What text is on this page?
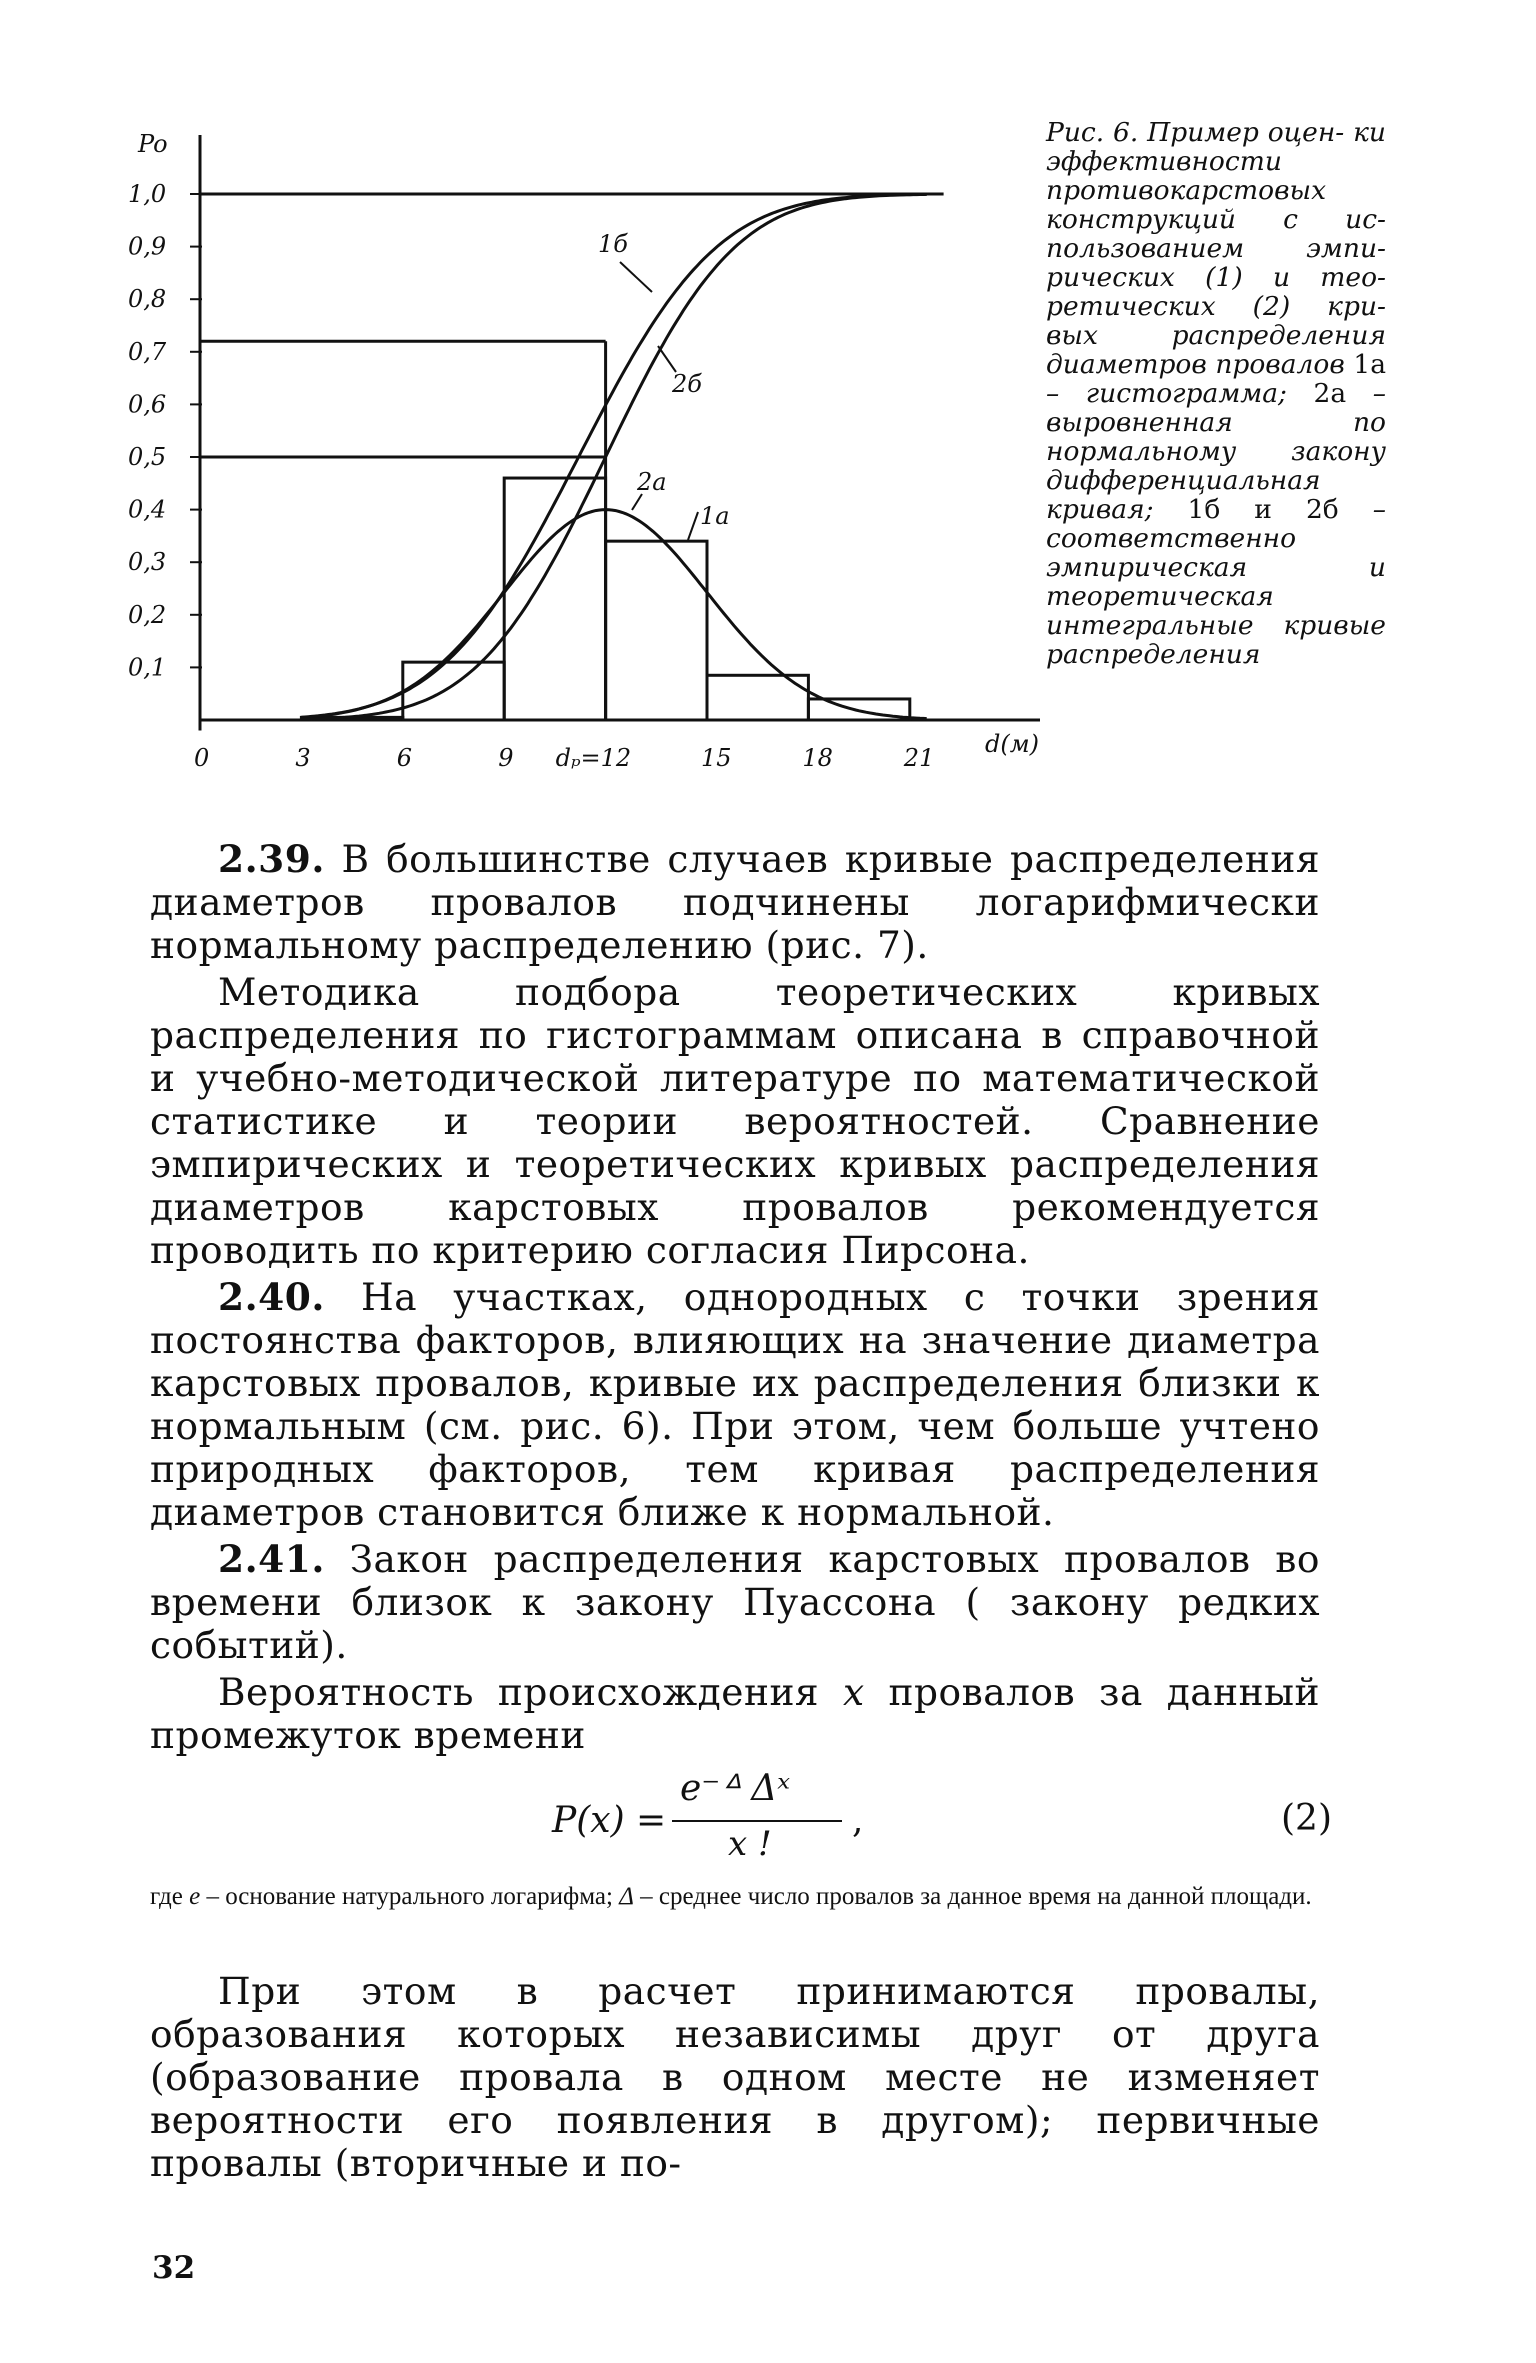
0,1
0,2
0,3
0,4
0,5
0,6
0,7
0,8
0,9
1,0
0	3	6	9 dₚ=12	15	18	21
Po
d(м)
1б
2б
2а
1а
Рис. 6. Пример оцен- ки эффективности противокарстовых конструкций с ис- пользованием эмпи- рических (1) и тео- ретических (2) кри- вых распределения диаметров провалов 1а – гистограмма; 2а – выровненная по нормальному закону дифференциальная кривая; 1б и 2б – соответственно эмпирическая и теоретическая интегральные кривые распределения

2.39. В большинстве случаев кривые распределения диаметров провалов подчинены логарифмически нормальному распределению (рис. 7).

Методика подбора теоретических кривых распределения по гистограммам описана в справочной и учебно-методической литературе по математической статистике и теории вероятностей. Сравнение эмпирических и теоретических кривых распределения диаметров карстовых провалов рекомендуется проводить по критерию согласия Пирсона.

2.40. На участках, однородных с точки зрения постоянства факторов, влияющих на значение диаметра карстовых провалов, кривые их распределения близки к нормальным (см. рис. 6). При этом, чем больше учтено природных факторов, тем кривая распределения диаметров становится ближе к нормальной.

2.41. Закон распределения карстовых провалов во времени близок к закону Пуассона ( закону редких событий).

Вероятность происхождения x провалов за данный промежуток времени

P(x) =
e⁻ᐞ Δˣ
x !
,	(2)
где e – основание натурального логарифма; Δ – среднее число провалов за данное время на данной площади.

При этом в расчет принимаются провалы, образования которых независимы друг от друга (образование провала в одном месте не изменяет вероятности его появления в другом); первичные провалы (вторичные и по-

32
